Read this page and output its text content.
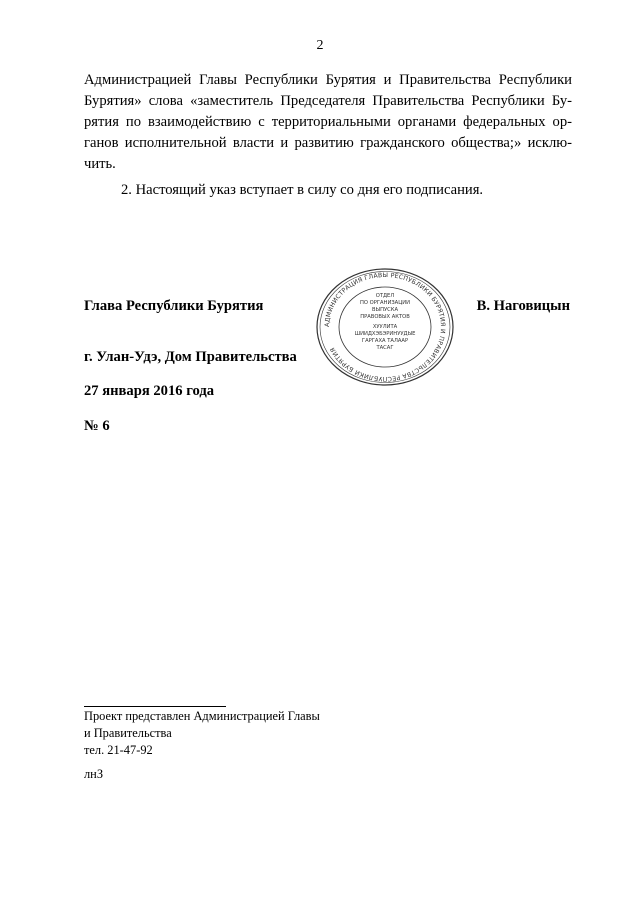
2
Администрацией Главы Республики Бурятия и Правительства Республики
Бурятия» слова «заместитель Председателя Правительства Республики Бу-
рятия по взаимодействию с территориальными органами федеральных ор-
ганов исполнительной власти и развитию гражданского общества;» исклю-
чить.
2. Настоящий указ вступает в силу со дня его подписания.
Глава Республики Бурятия	В. Наговицын
г. Улан-Удэ, Дом Правительства
27 января 2016 года
№ 6
АДМИНИСТРАЦИЯ ГЛАВЫ РЕСПУБЛИКИ БУРЯТИЯ И ПРАВИТЕЛЬСТВА РЕСПУБЛИКИ БУРЯТИЯ
ОТДЕЛ
ПО ОРГАНИЗАЦИИ
ВЫПУСКА
ПРАВОВЫХ АКТОВ
ХУУЛИТА
ШИИДХЭБЭРИНУУДЫЕ
ГАРГАХА ТАЛААР
ТАСАГ
Проект представлен Администрацией Главы
и Правительства
тел. 21-47-92
лнЗ
